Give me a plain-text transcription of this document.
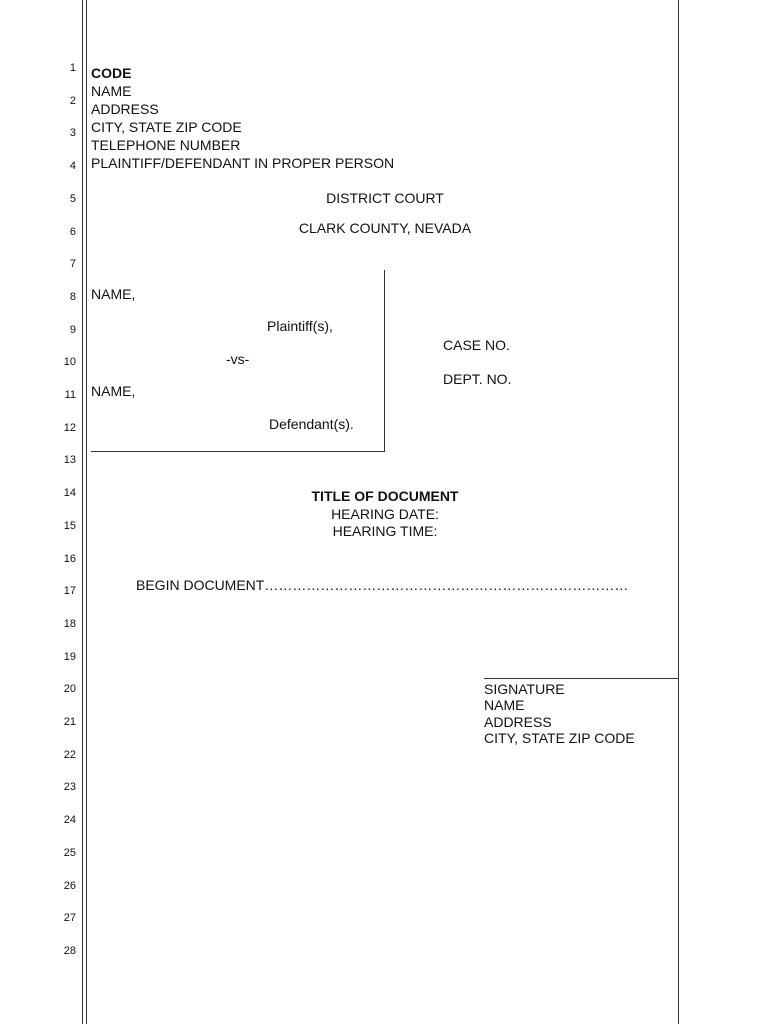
1
2
3
4
5
6
7
8
9
10
11
12
13
14
15
16
17
18
19
20
21
22
23
24
25
26
27
28
CODE
NAME
ADDRESS
CITY, STATE ZIP CODE
TELEPHONE NUMBER
PLAINTIFF/DEFENDANT IN PROPER PERSON
DISTRICT COURT
CLARK COUNTY, NEVADA
NAME,
Plaintiff(s),
-vs-
NAME,
Defendant(s).
CASE NO.
DEPT. NO.
TITLE OF DOCUMENT
HEARING DATE:
HEARING TIME:
BEGIN DOCUMENT……………………………………………………………………
SIGNATURE
NAME
ADDRESS
CITY, STATE ZIP CODE
